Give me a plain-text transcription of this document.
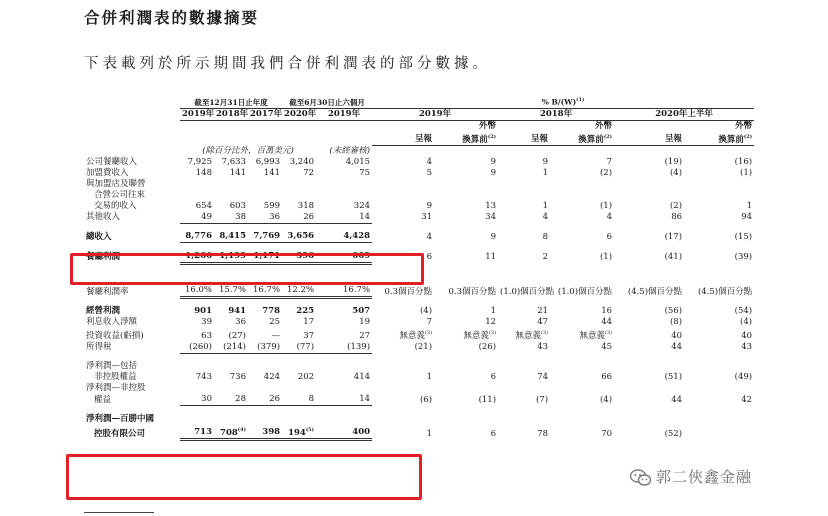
合併利潤表的數據摘要
下表載列於所示期間我們合併利潤表的部分數據。
	截至12月31日止年度			截至6月30日止六個月		% $B/(W)^{(1)}$
	2019年	2018年	2017年	2020年	2019年	2019年		2018年		2020年上半年	
							外幣		外幣		外幣
						呈報	換算前$^{(2)}$	呈報	換算前$^{(2)}$	呈報	換算前$^{(2)}$
	(除百分比外，百萬美元)				(未經審核)						
公司餐廳收入	7,925	7,633	6,993	3,240	4,015	4	9	9	7	(19)	(16)
加盟費收入	148	141	141	72	75	5	9	1	(2)	(4)	(1)
與加盟店及聯營											
合營公司往來											
交易的收入	654	603	599	318	324	9	13	1	(1)	(2)	1
其他收入	49	38	36	26	14	31	34	4	4	86	94

總收入	8,776	8,415	7,769	3,656	4,428	4	9	8	6	(17)	(15)

餐廳利潤	1,266	1,199	1,171	396	669	6	11	2	(1)	(41)	(39)

餐廳利潤率	16.0%	15.7%	16.7%	12.2%	16.7%	0.3個百分點	0.3個百分點	(1.0)個百分點	(1.0)個百分點	(4.5)個百分點	(4.5)個百分點

經營利潤	901	941	778	225	507	(4)	1	21	16	(56)	(54)
利息收入淨額	39	36	25	17	19	7	12	47	44	(8)	(4)
投資收益(虧損)	63	(27)	—	37	27	無意義$^{(3)}$	無意義$^{(3)}$	無意義$^{(3)}$	無意義$^{(3)}$	40	40
所得稅	(260)	(214)	(379)	(77)	(139)	(21)	(26)	43	45	44	43

淨利潤—包括											
非控股權益	743	736	424	202	414	1	6	74	66	(51)	(49)
淨利潤—非控股											
權益	30	28	26	8	14	(6)	(11)	(7)	(4)	44	42

淨利潤—百勝中國											
控股有限公司	713	708$^{(4)}$	398	194$^{(5)}$	400	1	6	78	70	(52)	
郭二俠鑫金融
